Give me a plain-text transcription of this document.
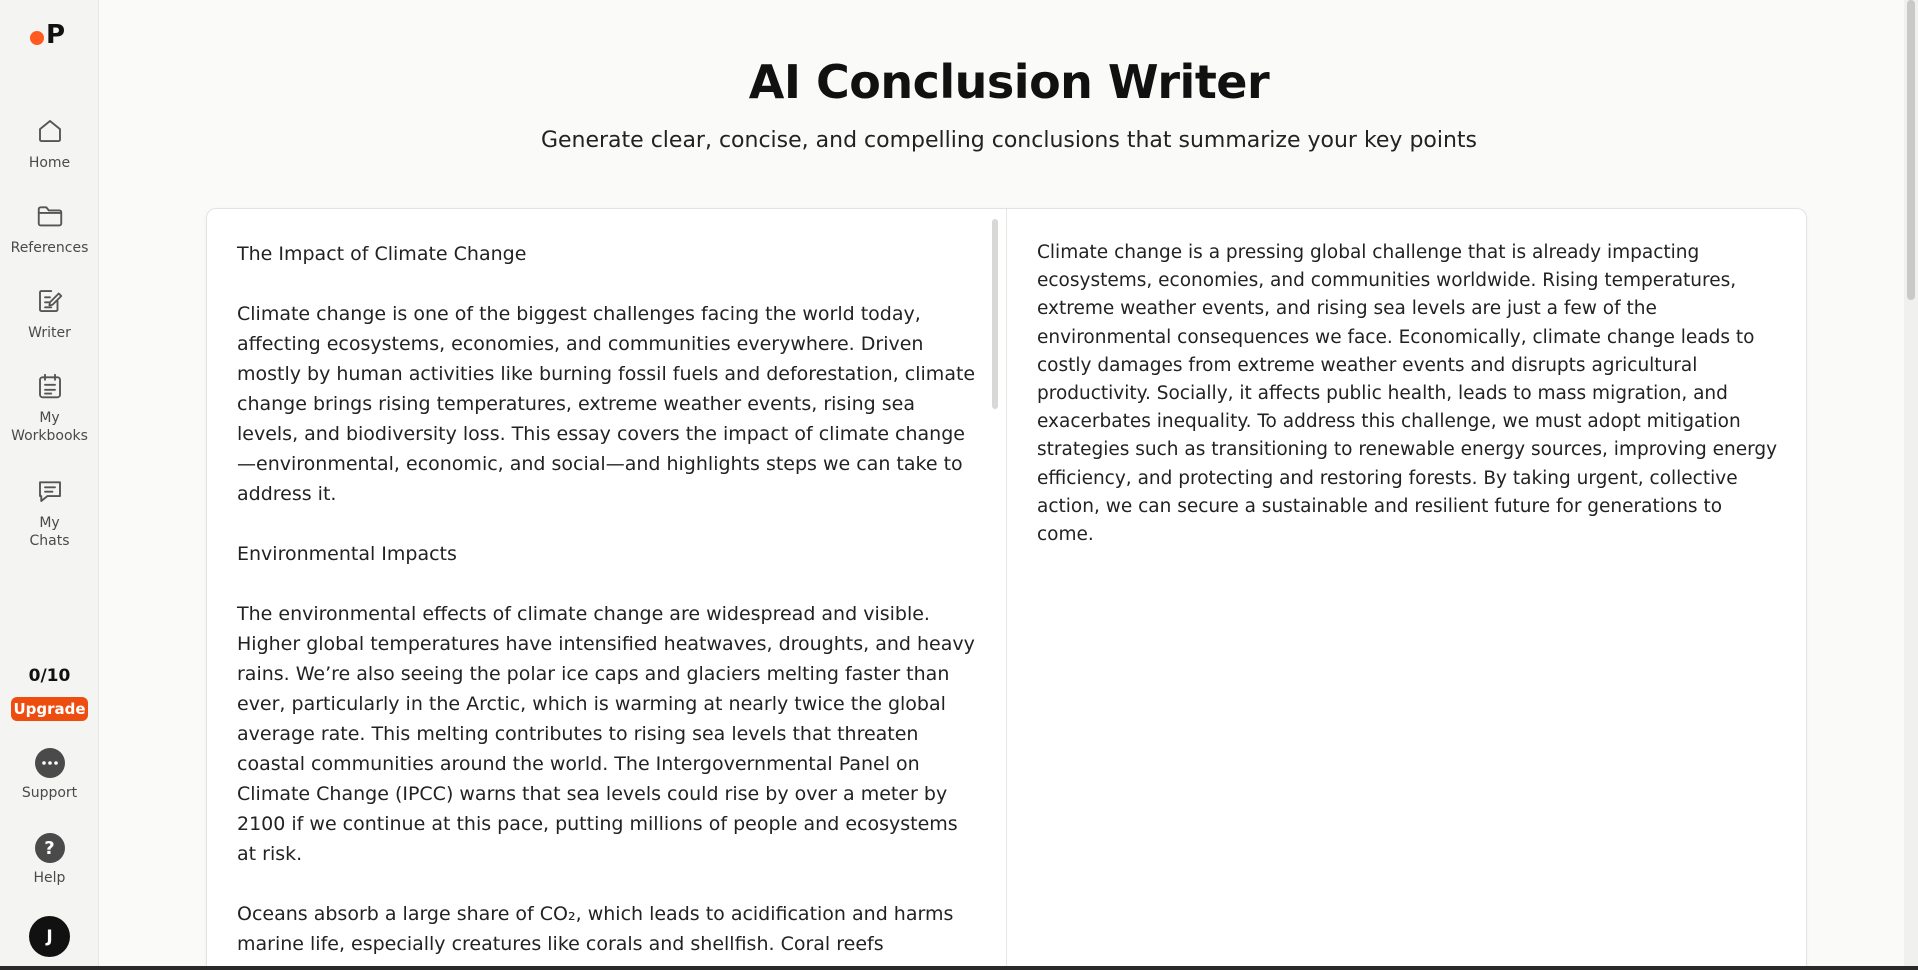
P
Home
References
Writer
My
Workbooks
My
Chats
0/10
Upgrade
Support
?
Help
J
AI Conclusion Writer

Generate clear, concise, and compelling conclusions that summarize your key points

The Impact of Climate Change

Climate change is one of the biggest challenges facing the world today, affecting ecosystems, economies, and communities everywhere. Driven mostly by human activities like burning fossil fuels and deforestation, climate change brings rising temperatures, extreme weather events, rising sea levels, and biodiversity loss. This essay covers the impact of climate change—environmental, economic, and social—and highlights steps we can take to address it.

Environmental Impacts

The environmental effects of climate change are widespread and visible. Higher global temperatures have intensified heatwaves, droughts, and heavy rains. We’re also seeing the polar ice caps and glaciers melting faster than ever, particularly in the Arctic, which is warming at nearly twice the global average rate. This melting contributes to rising sea levels that threaten coastal communities around the world. The Intergovernmental Panel on Climate Change (IPCC) warns that sea levels could rise by over a meter by 2100 if we continue at this pace, putting millions of people and ecosystems at risk.

Oceans absorb a large share of CO₂, which leads to acidification and harms marine life, especially creatures like corals and shellfish. Coral reefs

Climate change is a pressing global challenge that is already impacting ecosystems, economies, and communities worldwide. Rising temperatures, extreme weather events, and rising sea levels are just a few of the environmental consequences we face. Economically, climate change leads to costly damages from extreme weather events and disrupts agricultural productivity. Socially, it affects public health, leads to mass migration, and exacerbates inequality. To address this challenge, we must adopt mitigation strategies such as transitioning to renewable energy sources, improving energy efficiency, and protecting and restoring forests. By taking urgent, collective action, we can secure a sustainable and resilient future for generations to come.
